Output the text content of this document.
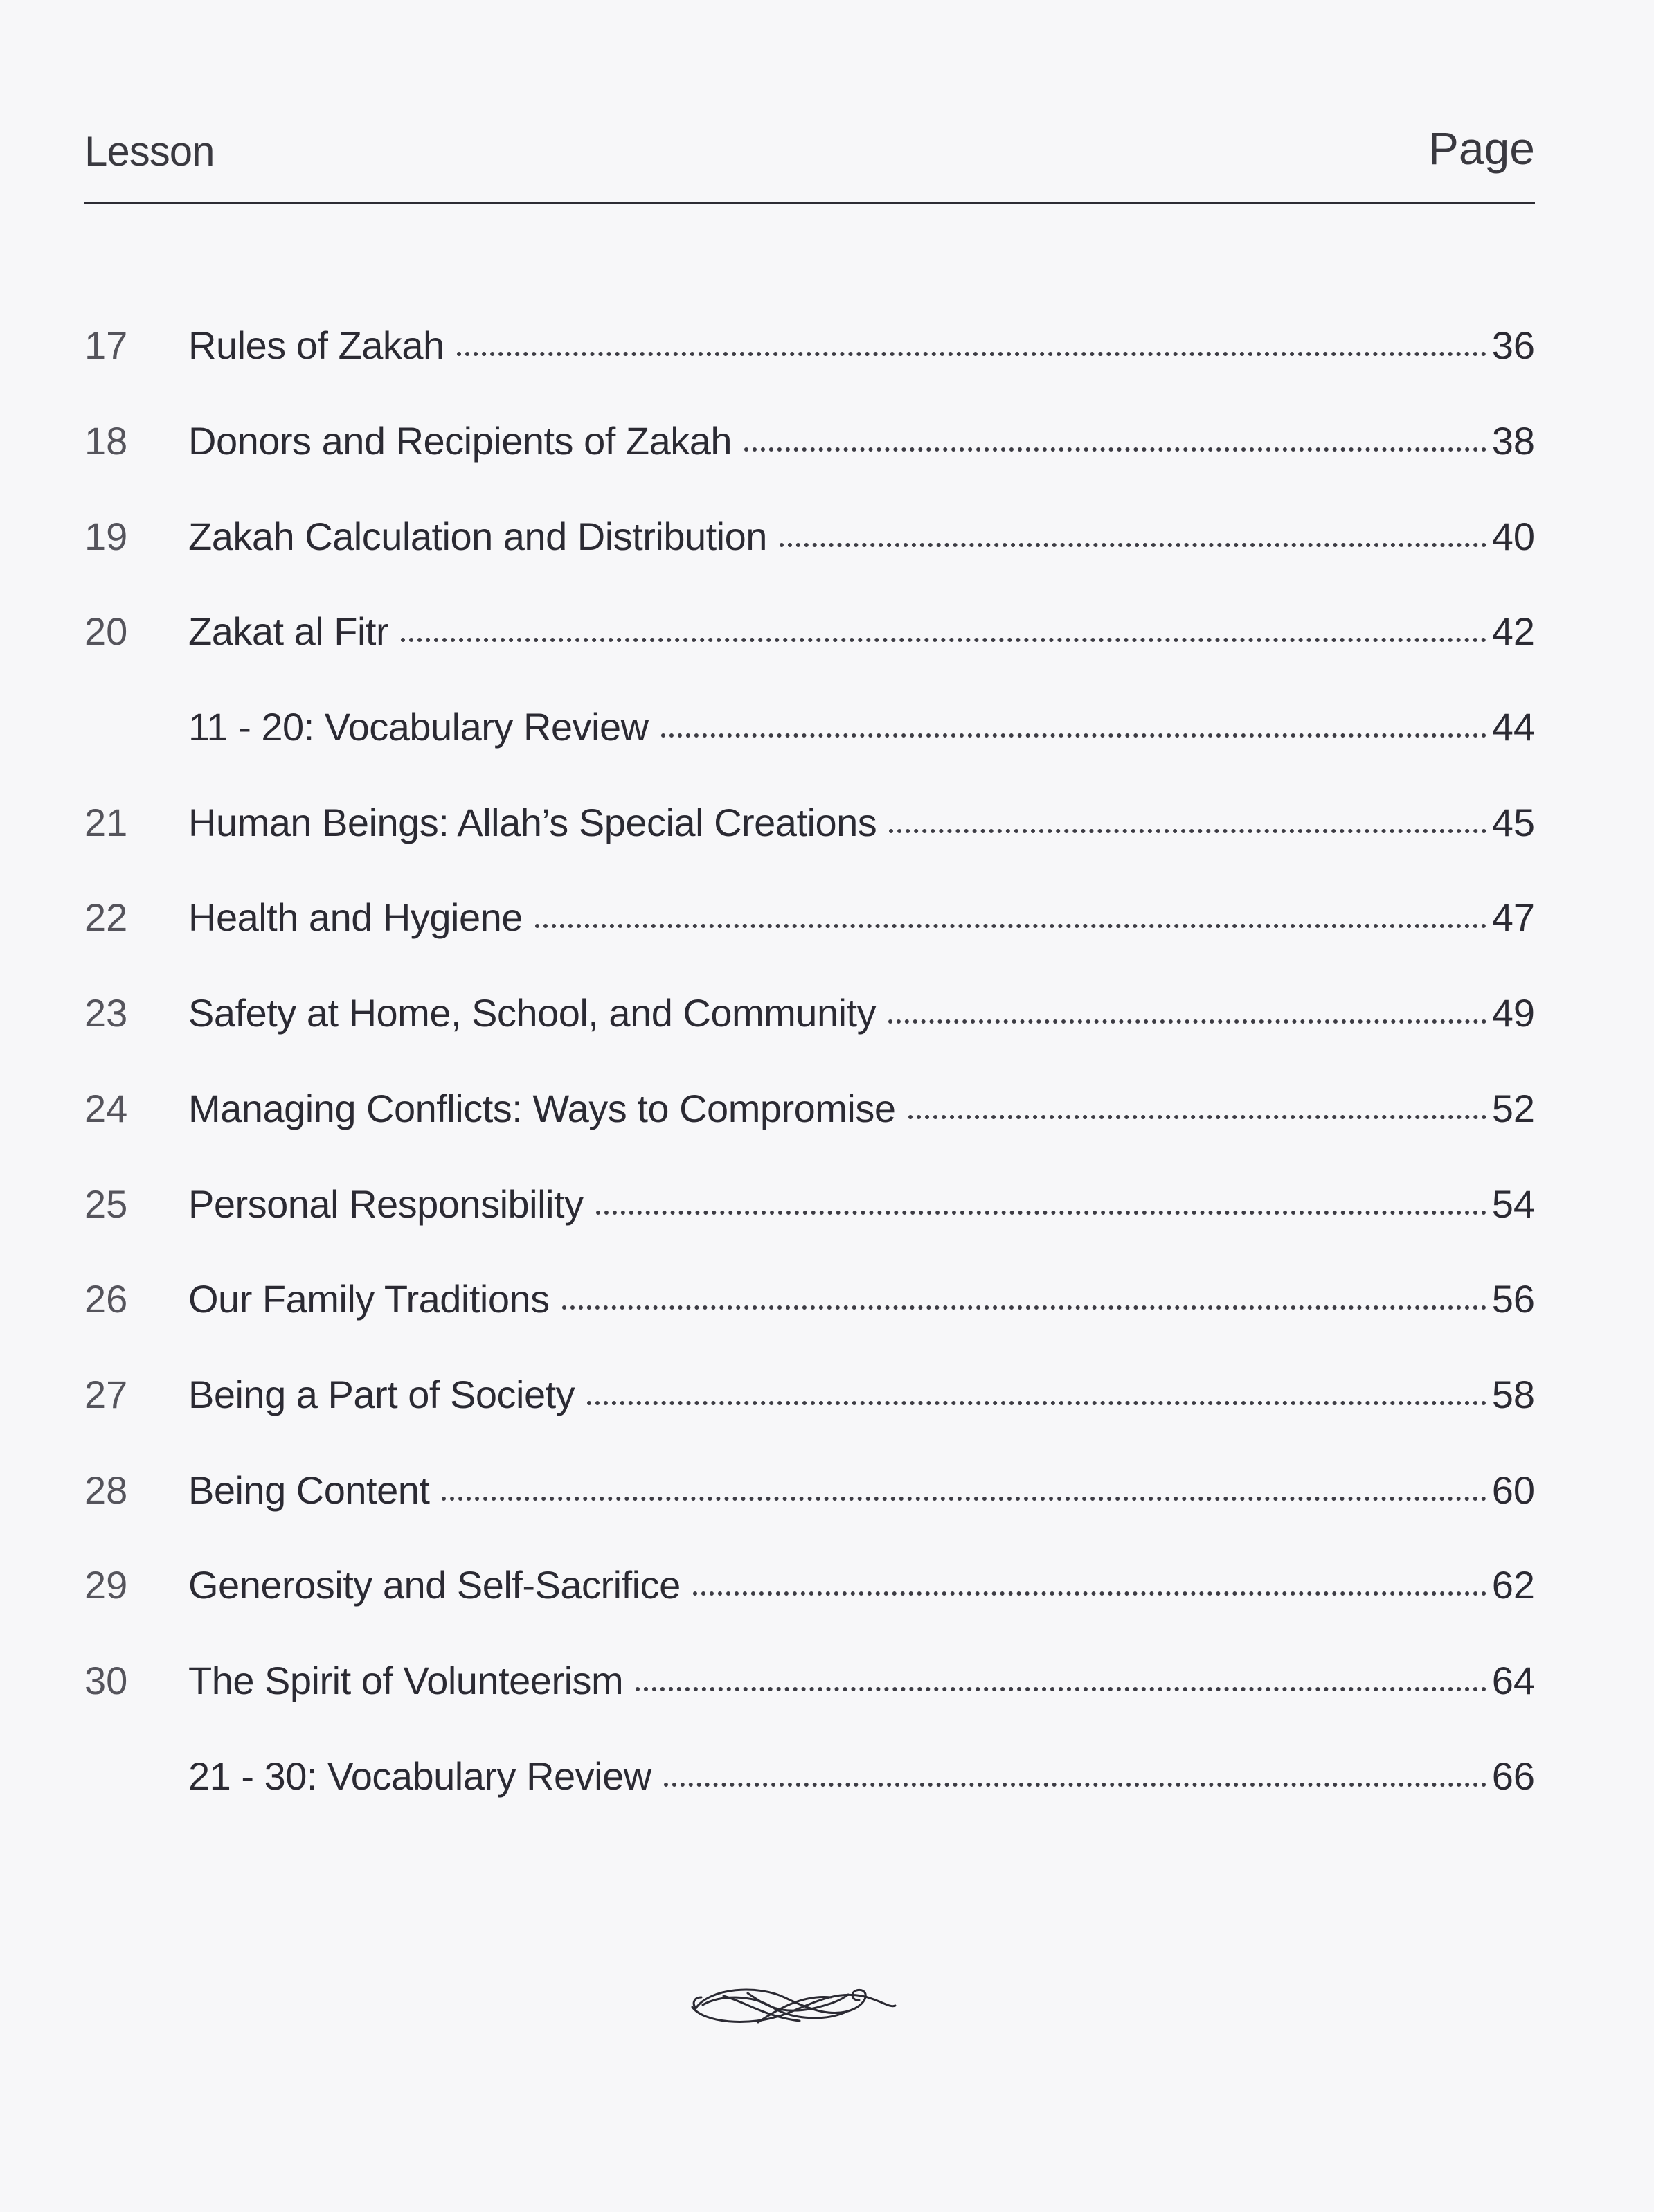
Lesson	Page
17	Rules of Zakah	36
18	Donors and Recipients of Zakah	38
19	Zakah Calculation and Distribution	40
20	Zakat al Fitr	42
11 - 20: Vocabulary Review	44
21	Human Beings: Allah’s Special Creations	45
22	Health and Hygiene	47
23	Safety at Home, School, and Community	49
24	Managing Conflicts: Ways to Compromise	52
25	Personal Responsibility	54
26	Our Family Traditions	56
27	Being a Part of Society	58
28	Being Content	60
29	Generosity and Self-Sacrifice	62
30	The Spirit of Volunteerism	64
21 - 30: Vocabulary Review	66
